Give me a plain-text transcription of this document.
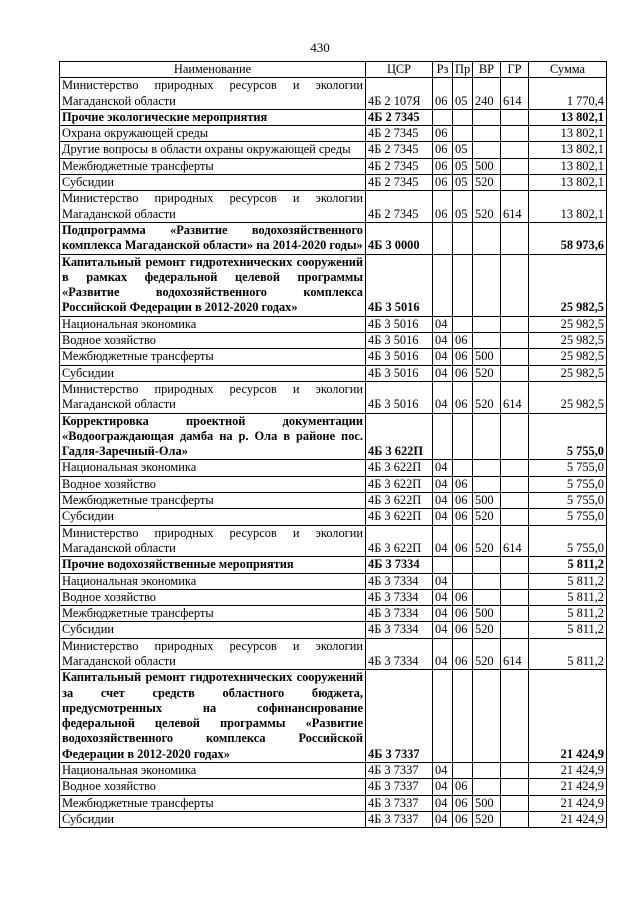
430
Наименование	ЦСР	Рз	Пр	ВР	ГР	Сумма
Министерство природных ресурсов и экологии Магаданской области	4Б 2 107Я	06	05	240	614	1 770,4
Прочие экологические мероприятия	4Б 2 7345					13 802,1
Охрана окружающей среды	4Б 2 7345	06				13 802,1
Другие вопросы в области охраны окружающей среды	4Б 2 7345	06	05			13 802,1
Межбюджетные трансферты	4Б 2 7345	06	05	500		13 802,1
Субсидии	4Б 2 7345	06	05	520		13 802,1
Министерство природных ресурсов и экологии Магаданской области	4Б 2 7345	06	05	520	614	13 802,1
Подпрограмма «Развитие водохозяйственного комплекса Магаданской области» на 2014-2020 годы»	4Б 3 0000					58 973,6
Капитальный ремонт гидротехнических сооружений в рамках федеральной целевой программы «Развитие водохозяйственного комплекса Российской Федерации в 2012-2020 годах»	4Б 3 5016					25 982,5
Национальная экономика	4Б 3 5016	04				25 982,5
Водное хозяйство	4Б 3 5016	04	06			25 982,5
Межбюджетные трансферты	4Б 3 5016	04	06	500		25 982,5
Субсидии	4Б 3 5016	04	06	520		25 982,5
Министерство природных ресурсов и экологии Магаданской области	4Б 3 5016	04	06	520	614	25 982,5
Корректировка проектной документации «Водоограждающая дамба на р. Ола в районе пос. Гадля-Заречный-Ола»	4Б 3 622П					5 755,0
Национальная экономика	4Б 3 622П	04				5 755,0
Водное хозяйство	4Б 3 622П	04	06			5 755,0
Межбюджетные трансферты	4Б 3 622П	04	06	500		5 755,0
Субсидии	4Б 3 622П	04	06	520		5 755,0
Министерство природных ресурсов и экологии Магаданской области	4Б 3 622П	04	06	520	614	5 755,0
Прочие водохозяйственные мероприятия	4Б 3 7334					5 811,2
Национальная экономика	4Б 3 7334	04				5 811,2
Водное хозяйство	4Б 3 7334	04	06			5 811,2
Межбюджетные трансферты	4Б 3 7334	04	06	500		5 811,2
Субсидии	4Б 3 7334	04	06	520		5 811,2
Министерство природных ресурсов и экологии Магаданской области	4Б 3 7334	04	06	520	614	5 811,2
Капитальный ремонт гидротехнических сооружений за счет средств областного бюджета, предусмотренных на софинансирование федеральной целевой программы «Развитие водохозяйственного комплекса Российской Федерации в 2012-2020 годах»	4Б 3 7337					21 424,9
Национальная экономика	4Б 3 7337	04				21 424,9
Водное хозяйство	4Б 3 7337	04	06			21 424,9
Межбюджетные трансферты	4Б 3 7337	04	06	500		21 424,9
Субсидии	4Б 3 7337	04	06	520		21 424,9
